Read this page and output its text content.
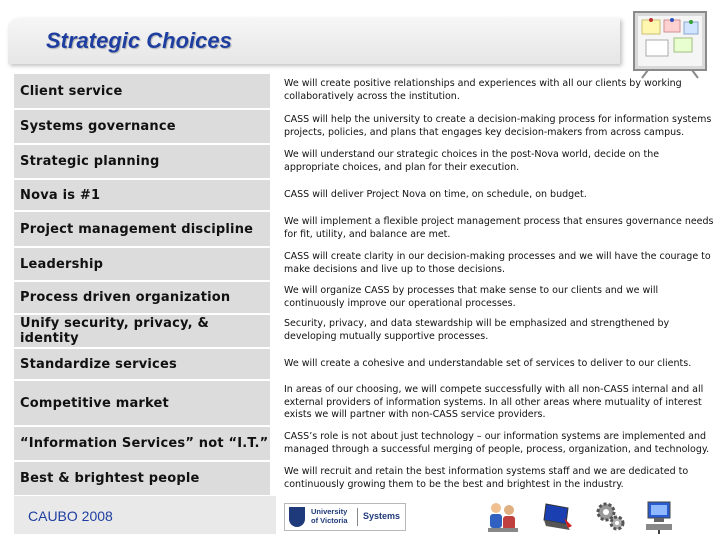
Strategic Choices
Client service	We will create positive relationships and experiences with all our clients by working collaboratively across the institution.
Systems governance	CASS will help the university to create a decision-making process for information systems projects, policies, and plans that engages key decision-makers from across campus.
Strategic planning	We will understand our strategic choices in the post-Nova world, decide on the appropriate choices, and plan for their execution.
Nova is #1	CASS will deliver Project Nova on time, on schedule, on budget.
Project management discipline	We will implement a flexible project management process that ensures governance needs for fit, utility, and balance are met.
Leadership	CASS will create clarity in our decision-making processes and we will have the courage to make decisions and live up to those decisions.
Process driven organization	We will organize CASS by processes that make sense to our clients and we will continuously improve our operational processes.
Unify security, privacy, & identity	Security, privacy, and data stewardship will be emphasized and strengthened by developing mutually supportive processes.
Standardize services	We will create a cohesive and understandable set of services to deliver to our clients.
Competitive market	In areas of our choosing, we will compete successfully with all non-CASS internal and all external providers of information systems. In all other areas where mutuality of interest exists we will partner with non-CASS service providers.
“Information Services” not “I.T.”	CASS’s role is not about just technology – our information systems are implemented and managed through a successful merging of people, process, organization, and technology.
Best & brightest people	We will recruit and retain the best information systems staff and we are dedicated to continuously growing them to be the best and brightest in the industry.
CAUBO 2008	University
of Victoria	Systems
